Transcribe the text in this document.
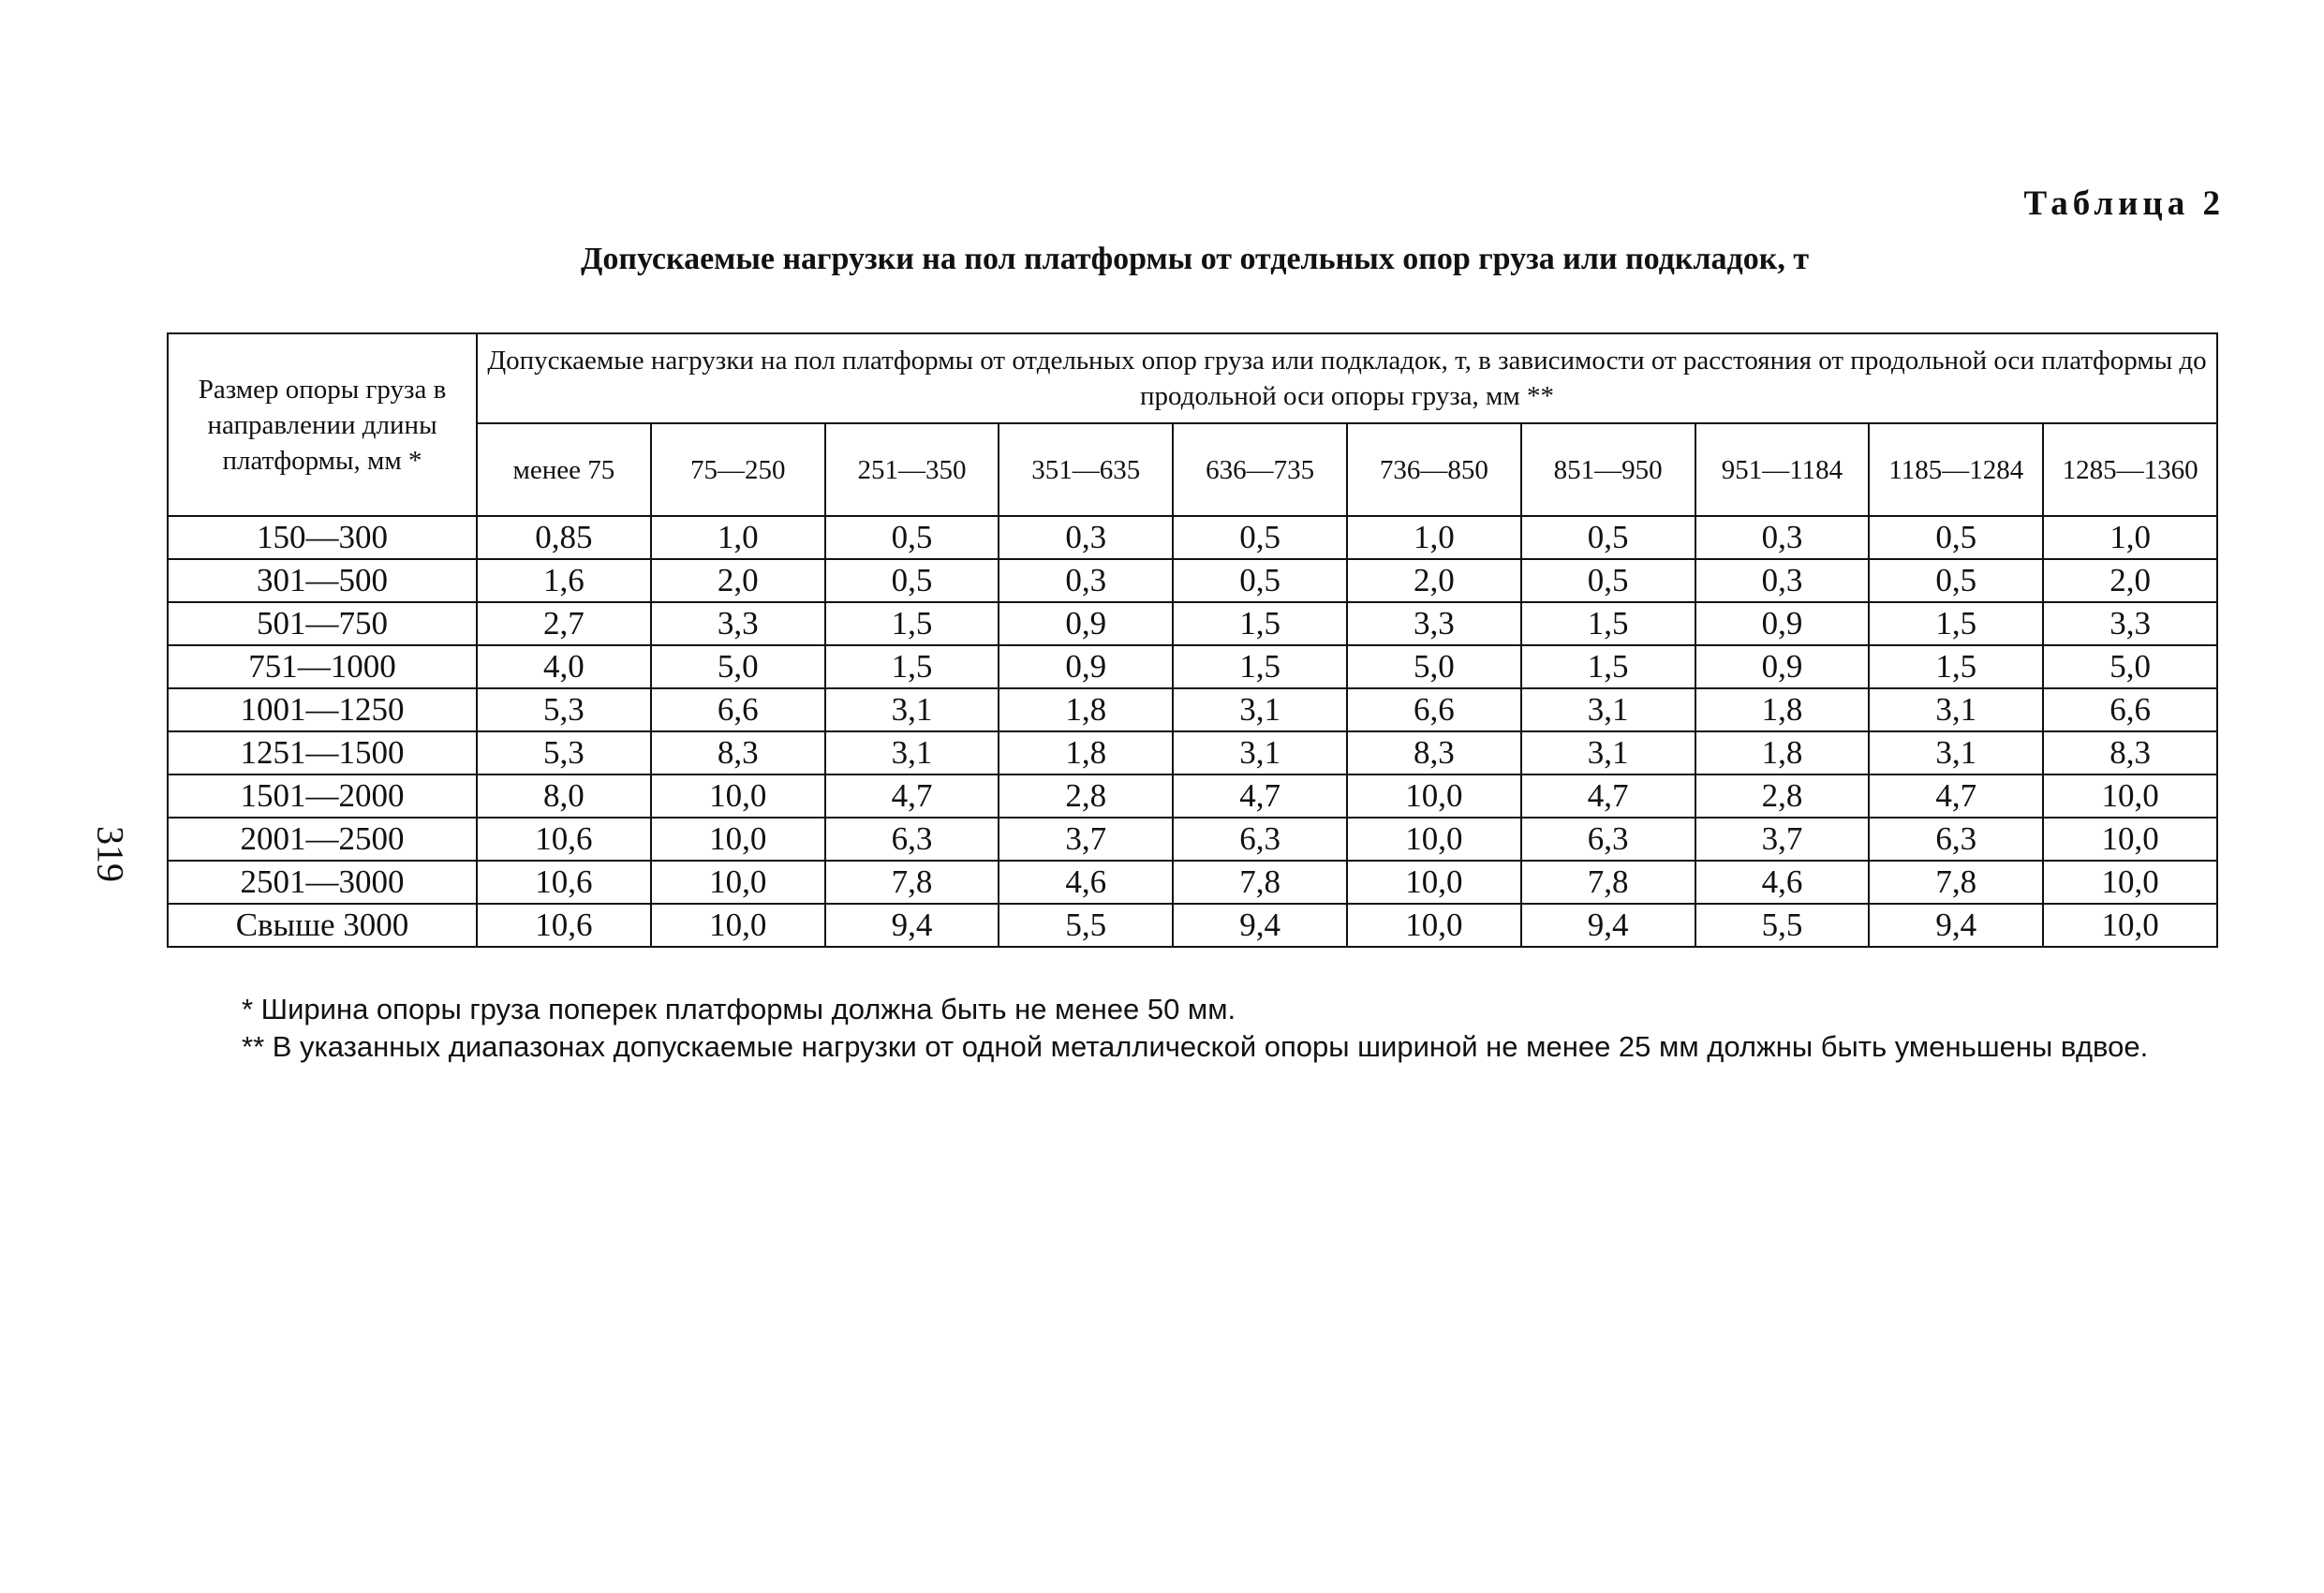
Таблица 2
Допускаемые нагрузки на пол платформы от отдельных опор груза или подкладок, т
319
Размер опоры груза в направлении длины платформы, мм *	Допускаемые нагрузки на пол платформы от отдельных опор груза или подкладок, т, в зависимости от расстояния от продольной оси платформы до продольной оси опоры груза, мм **									
	менее 75	75—250	251—350	351—635	636—735	736—850	851—950	951—1184	1185—1284	1285—1360
150—300	0,85	1,0	0,5	0,3	0,5	1,0	0,5	0,3	0,5	1,0
301—500	1,6	2,0	0,5	0,3	0,5	2,0	0,5	0,3	0,5	2,0
501—750	2,7	3,3	1,5	0,9	1,5	3,3	1,5	0,9	1,5	3,3
751—1000	4,0	5,0	1,5	0,9	1,5	5,0	1,5	0,9	1,5	5,0
1001—1250	5,3	6,6	3,1	1,8	3,1	6,6	3,1	1,8	3,1	6,6
1251—1500	5,3	8,3	3,1	1,8	3,1	8,3	3,1	1,8	3,1	8,3
1501—2000	8,0	10,0	4,7	2,8	4,7	10,0	4,7	2,8	4,7	10,0
2001—2500	10,6	10,0	6,3	3,7	6,3	10,0	6,3	3,7	6,3	10,0
2501—3000	10,6	10,0	7,8	4,6	7,8	10,0	7,8	4,6	7,8	10,0
Свыше 3000	10,6	10,0	9,4	5,5	9,4	10,0	9,4	5,5	9,4	10,0

* Ширина опоры груза поперек платформы должна быть не менее 50 мм.

** В указанных диапазонах допускаемые нагрузки от одной металлической опоры шириной не менее 25 мм должны быть уменьшены вдвое.
